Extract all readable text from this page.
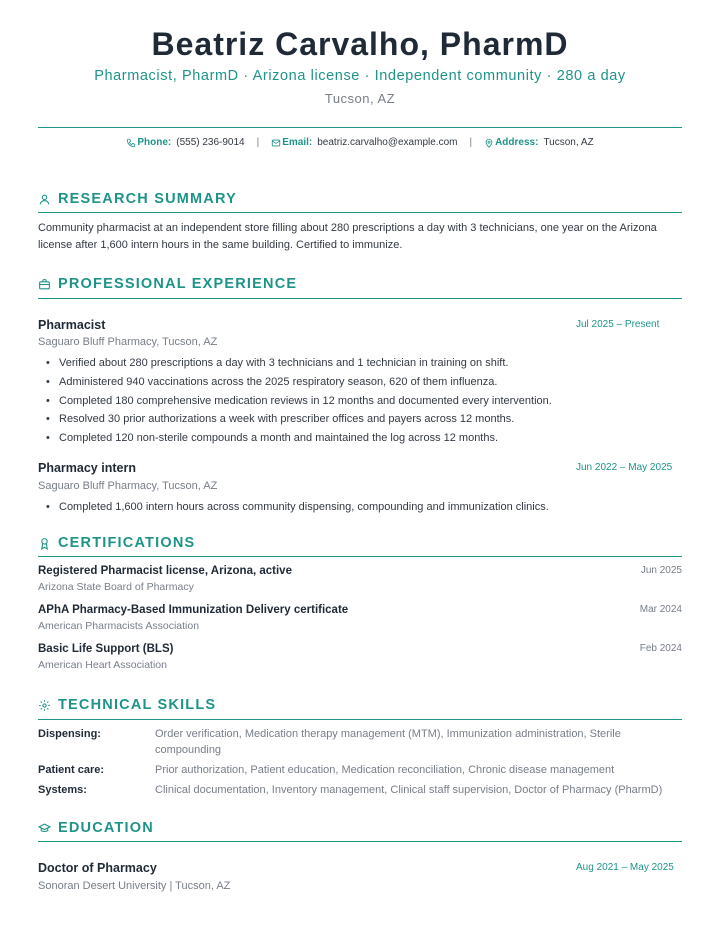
Beatriz Carvalho, PharmD
Pharmacist, PharmD · Arizona license · Independent community · 280 a day
Tucson, AZ
Phone: (555) 236-9014 | Email: beatriz.carvalho@example.com | Address: Tucson, AZ
RESEARCH SUMMARY
Community pharmacist at an independent store filling about 280 prescriptions a day with 3 technicians, one year on the Arizona license after 1,600 intern hours in the same building. Certified to immunize.
PROFESSIONAL EXPERIENCE
Pharmacist	Jul 2025 – Present
Saguaro Bluff Pharmacy, Tucson, AZ
• Verified about 280 prescriptions a day with 3 technicians and 1 technician in training on shift.
• Administered 940 vaccinations across the 2025 respiratory season, 620 of them influenza.
• Completed 180 comprehensive medication reviews in 12 months and documented every intervention.
• Resolved 30 prior authorizations a week with prescriber offices and payers across 12 months.
• Completed 120 non-sterile compounds a month and maintained the log across 12 months.
Pharmacy intern	Jun 2022 – May 2025
Saguaro Bluff Pharmacy, Tucson, AZ
• Completed 1,600 intern hours across community dispensing, compounding and immunization clinics.
CERTIFICATIONS
Registered Pharmacist license, Arizona, active	Jun 2025
Arizona State Board of Pharmacy
APhA Pharmacy-Based Immunization Delivery certificate	Mar 2024
American Pharmacists Association
Basic Life Support (BLS)	Feb 2024
American Heart Association
TECHNICAL SKILLS
Dispensing:	Order verification, Medication therapy management (MTM), Immunization administration, Sterile compounding
Patient care:	Prior authorization, Patient education, Medication reconciliation, Chronic disease management
Systems:	Clinical documentation, Inventory management, Clinical staff supervision, Doctor of Pharmacy (PharmD)
EDUCATION
Doctor of Pharmacy	Aug 2021 – May 2025
Sonoran Desert University | Tucson, AZ
